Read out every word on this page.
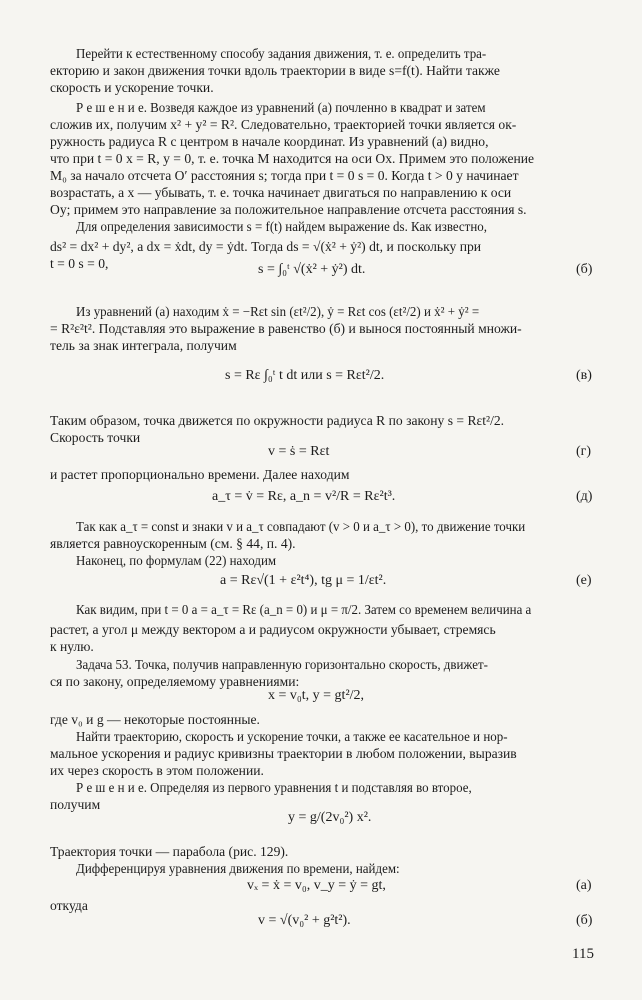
Перейти к естественному способу задания движения, т. е. определить тра-
екторию и закон движения точки вдоль траектории в виде s=f(t). Найти также
скорость и ускорение точки.
Р е ш е н и е. Возведя каждое из уравнений (а) почленно в квадрат и затем
сложив их, получим x² + y² = R². Следовательно, траекторией точки является ок-
ружность радиуса R с центром в начале координат. Из уравнений (а) видно,
что при t = 0 x = R, y = 0, т. е. точка M находится на оси Ox. Примем это положение
M₀ за начало отсчета O′ расстояния s; тогда при t = 0 s = 0. Когда t > 0 y начинает
возрастать, а x — убывать, т. е. точка начинает двигаться по направлению к оси
Oy; примем это направление за положительное направление отсчета расстояния s.
Для определения зависимости s = f(t) найдем выражение ds. Как известно,
ds² = dx² + dy², а dx = ẋdt, dy = ẏdt. Тогда ds = √(ẋ² + ẏ²) dt, и поскольку при
t = 0 s = 0,	s = ∫₀ᵗ √(ẋ² + ẏ²) dt.	(б)
Из уравнений (а) находим ẋ = −Rεt sin (εt²/2), ẏ = Rεt cos (εt²/2) и ẋ² + ẏ² =
= R²ε²t². Подставляя это выражение в равенство (б) и вынося постоянный множи-
тель за знак интеграла, получим
s = Rε ∫₀ᵗ t dt или s = Rεt²/2.	(в)
Таким образом, точка движется по окружности радиуса R по закону s = Rεt²/2.
Скорость точки
v = ṡ = Rεt	(г)
и растет пропорционально времени. Далее находим
a_τ = v̇ = Rε, a_n = v²/R = Rε²t³.	(д)
Так как a_τ = const и знаки v и a_τ совпадают (v > 0 и a_τ > 0), то движение точки
является равноускоренным (см. § 44, п. 4).
Наконец, по формулам (22) находим
a = Rε√(1 + ε²t⁴), tg μ = 1/εt².	(е)
Как видим, при t = 0 a = a_τ = Rε (a_n = 0) и μ = π/2. Затем со временем величина a
растет, а угол μ между вектором a и радиусом окружности убывает, стремясь
к нулю.
Задача 53. Точка, получив направленную горизонтально скорость, движет-
ся по закону, определяемому уравнениями:
x = v₀t, y = gt²/2,
где v₀ и g — некоторые постоянные.
Найти траекторию, скорость и ускорение точки, а также ее касательное и нор-
мальное ускорения и радиус кривизны траектории в любом положении, выразив
их через скорость в этом положении.
Р е ш е н и е. Определяя из первого уравнения t и подставляя во второе,
получим
y = g/(2v₀²) x².
Траектория точки — парабола (рис. 129).
Дифференцируя уравнения движения по времени, найдем:
vₓ = ẋ = v₀, v_y = ẏ = gt,	(а)
откуда
v = √(v₀² + g²t²).	(б)
115
